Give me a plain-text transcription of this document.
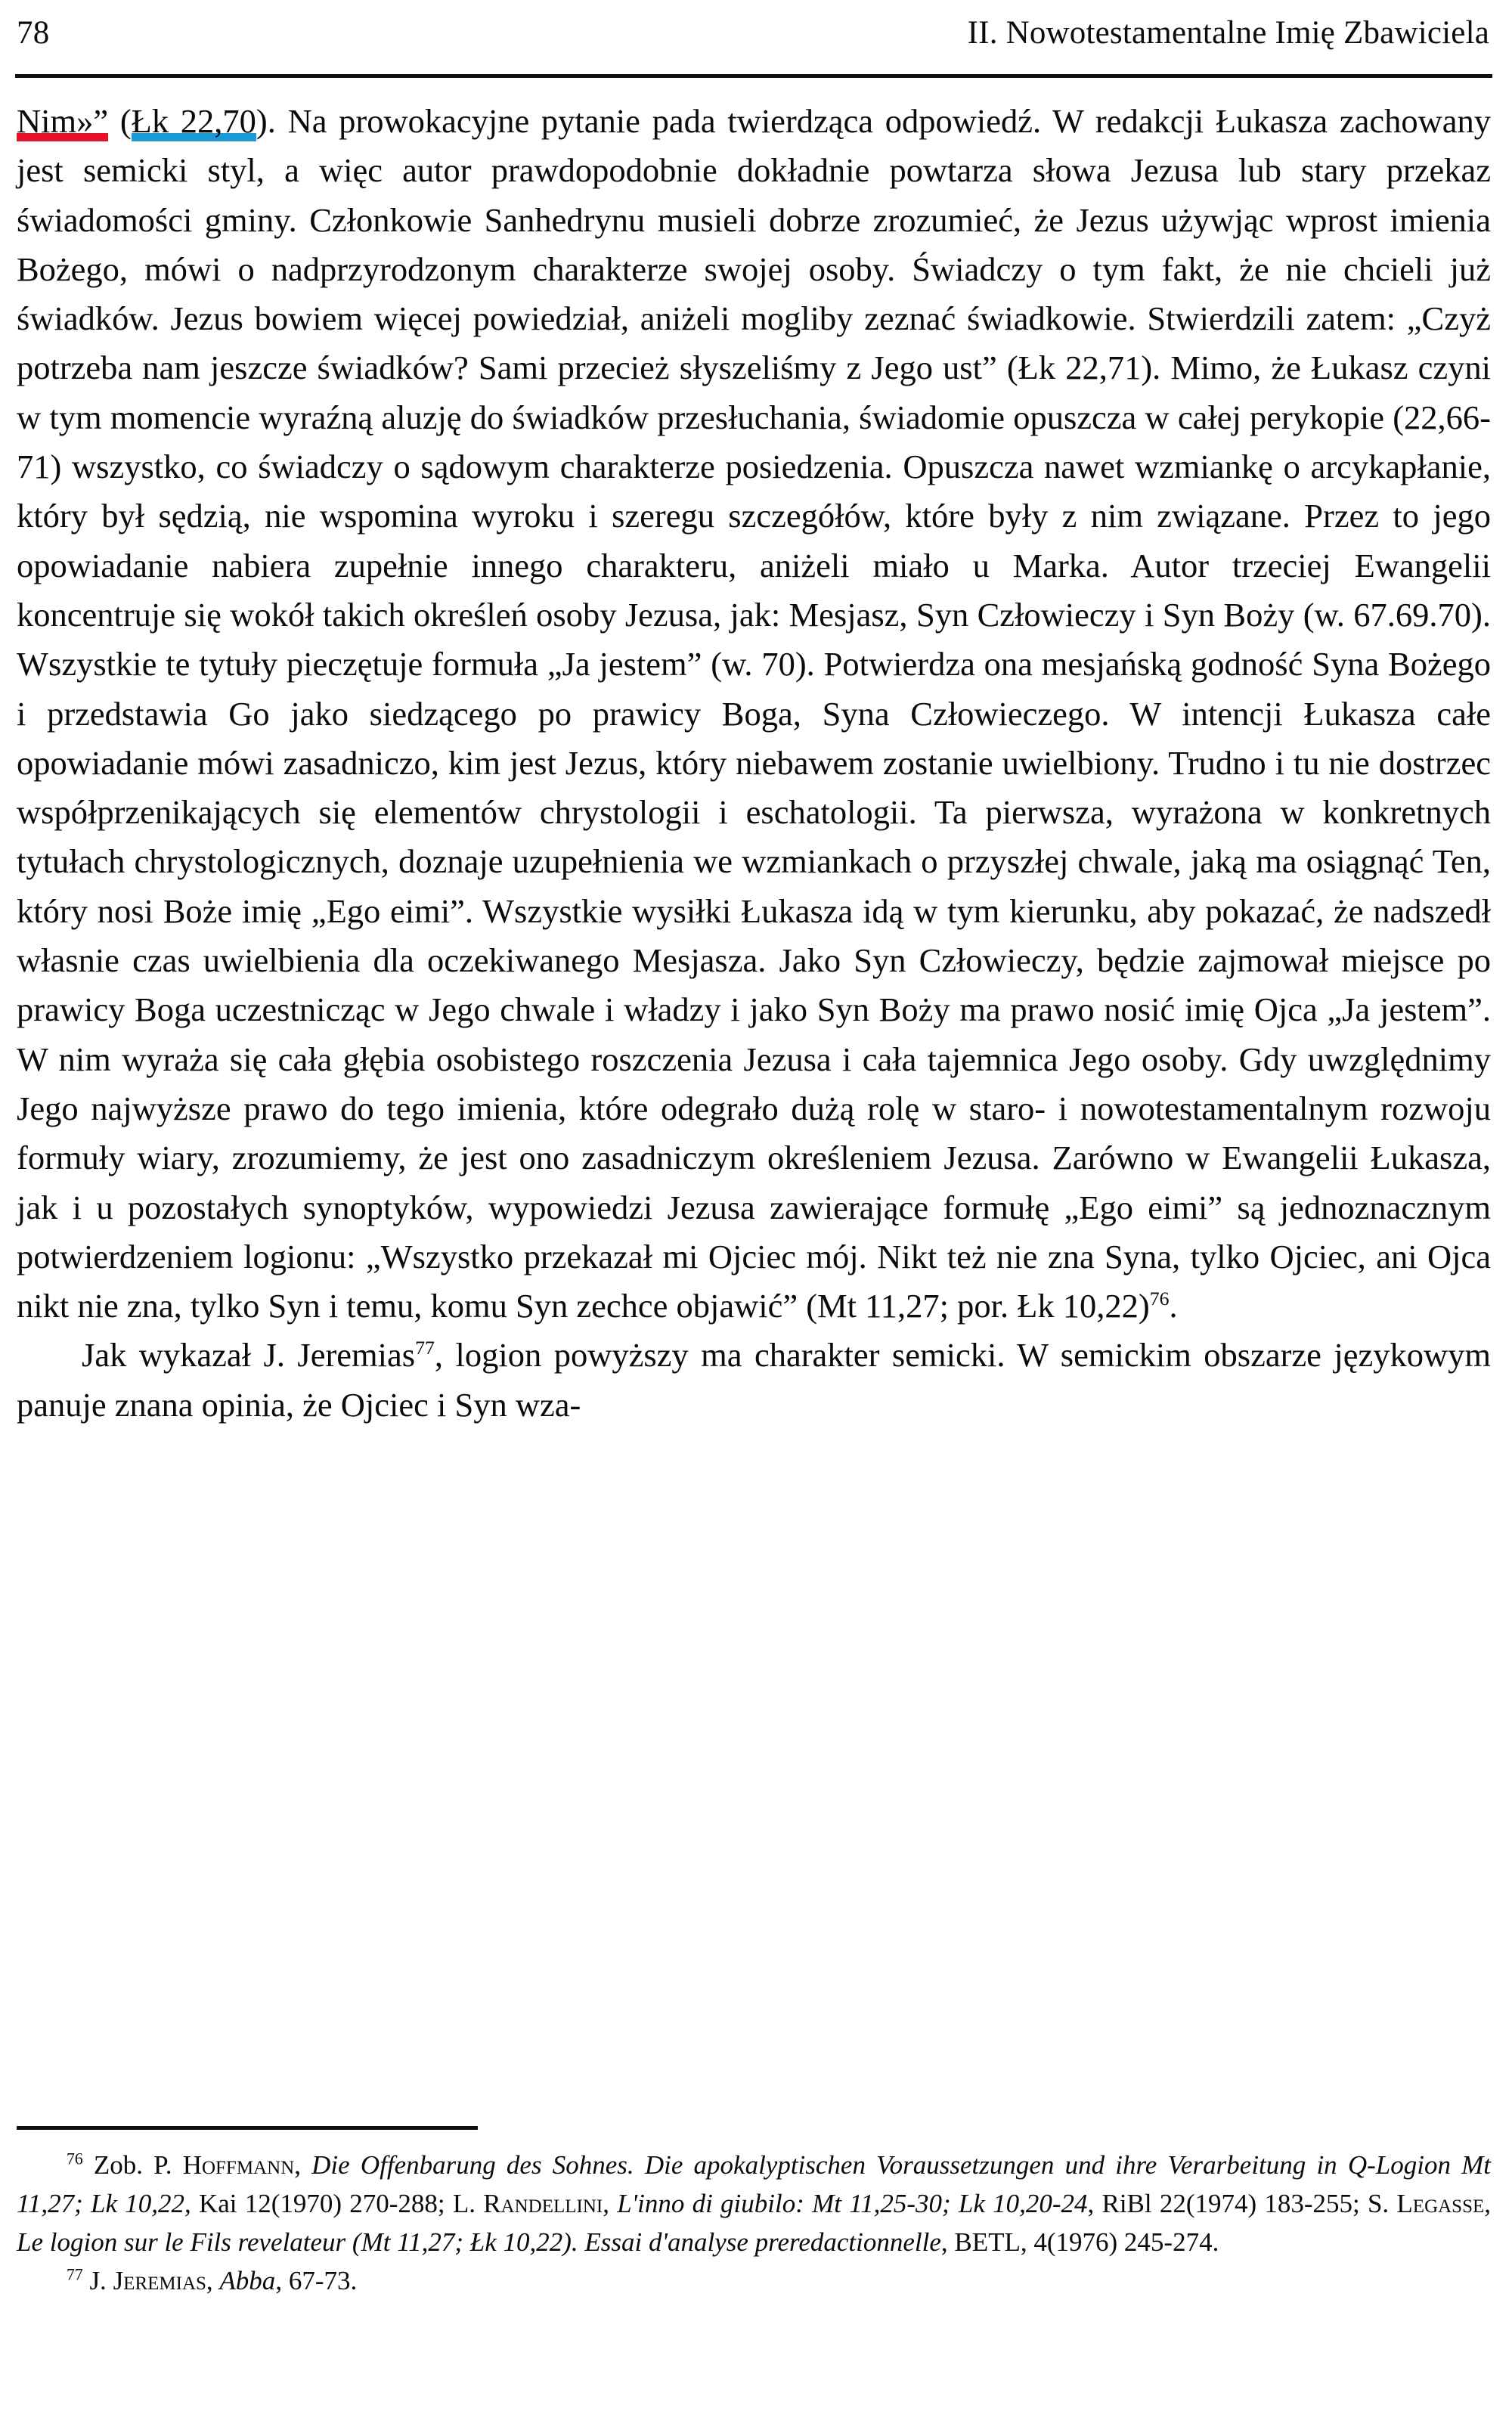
78	II. Nowotestamentalne Imię Zbawiciela

Nim»” (Łk 22,70). Na prowokacyjne pytanie pada twierdząca odpowiedź. W redakcji Łukasza zachowany jest semicki styl, a więc autor prawdopodobnie dokładnie powtarza słowa Jezusa lub stary przekaz świadomości gminy. Członkowie Sanhedrynu musieli dobrze zrozumieć, że Jezus używjąc wprost imienia Bożego, mówi o nadprzyrodzonym charakterze swojej osoby. Świadczy o tym fakt, że nie chcieli już świadków. Jezus bowiem więcej powiedział, aniżeli mogliby zeznać świadkowie. Stwierdzili zatem: „Czyż potrzeba nam jeszcze świadków? Sami przecież słyszeliśmy z Jego ust” (Łk 22,71). Mimo, że Łukasz czyni w tym momencie wyraźną aluzję do świadków przesłuchania, świadomie opuszcza w całej perykopie (22,66-71) wszystko, co świadczy o sądowym charakterze posiedzenia. Opuszcza nawet wzmiankę o arcykapłanie, który był sędzią, nie wspomina wyroku i szeregu szczegółów, które były z nim związane. Przez to jego opowiadanie nabiera zupełnie innego charakteru, aniżeli miało u Marka. Autor trzeciej Ewangelii koncentruje się wokół takich określeń osoby Jezusa, jak: Mesjasz, Syn Człowieczy i Syn Boży (w. 67.69.70). Wszystkie te tytuły pieczętuje formuła „Ja jestem” (w. 70). Potwierdza ona mesjańską godność Syna Bożego i przedstawia Go jako siedzącego po prawicy Boga, Syna Człowieczego. W intencji Łukasza całe opowiadanie mówi zasadniczo, kim jest Jezus, który niebawem zostanie uwielbiony. Trudno i tu nie dostrzec współprzenikających się elementów chrystologii i eschatologii. Ta pierwsza, wyrażona w konkretnych tytułach chrystologicznych, doznaje uzupełnienia we wzmiankach o przyszłej chwale, jaką ma osiągnąć Ten, który nosi Boże imię „Ego eimi”. Wszystkie wysiłki Łukasza idą w tym kierunku, aby pokazać, że nadszedł własnie czas uwielbienia dla oczekiwanego Mesjasza. Jako Syn Człowieczy, będzie zajmował miejsce po prawicy Boga uczestnicząc w Jego chwale i władzy i jako Syn Boży ma prawo nosić imię Ojca „Ja jestem”. W nim wyraża się cała głębia osobistego roszczenia Jezusa i cała tajemnica Jego osoby. Gdy uwzględnimy Jego najwyższe prawo do tego imienia, które odegrało dużą rolę w staro- i nowotestamentalnym rozwoju formuły wiary, zrozumiemy, że jest ono zasadniczym określeniem Jezusa. Zarówno w Ewangelii Łukasza, jak i u pozostałych synoptyków, wypowiedzi Jezusa zawierające formułę „Ego eimi” są jednoznacznym potwierdzeniem logionu: „Wszystko przekazał mi Ojciec mój. Nikt też nie zna Syna, tylko Ojciec, ani Ojca nikt nie zna, tylko Syn i temu, komu Syn zechce objawić” (Mt 11,27; por. Łk 10,22)$^{76}$.

Jak wykazał J. Jeremias$^{77}$, logion powyższy ma charakter semicki. W semickim obszarze językowym panuje znana opinia, że Ojciec i Syn wza-

$^{76}$ Zob. P. Hoffmann, Die Offenbarung des Sohnes. Die apokalyptischen Voraussetzungen und ihre Verarbeitung in Q-Logion Mt 11,27; Lk 10,22, Kai 12(1970) 270-288; L. Randellini, L'inno di giubilo: Mt 11,25-30; Lk 10,20-24, RiBl 22(1974) 183-255; S. Legasse, Le logion sur le Fils revelateur (Mt 11,27; Łk 10,22). Essai d'analyse preredactionnelle, BETL, 4(1976) 245-274.

$^{77}$ J. Jeremias, Abba, 67-73.
